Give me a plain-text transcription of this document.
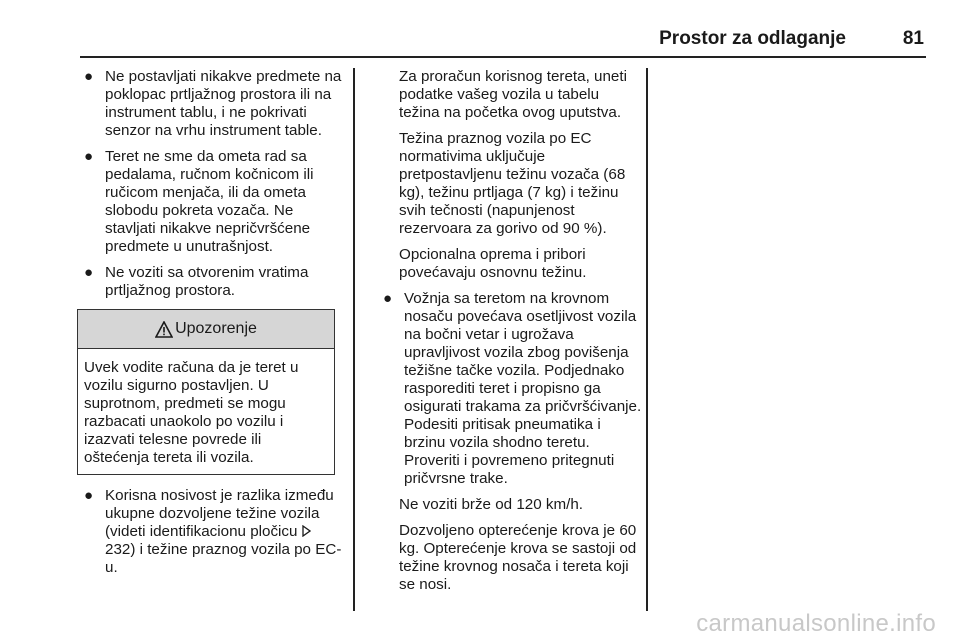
Prostor za odlaganje	81
● Ne postavljati nikakve predmete na poklopac prtljažnog prostora ili na instrument tablu, i ne pokrivati senzor na vrhu instrument table.
● Teret ne sme da ometa rad sa pedalama, ručnom kočnicom ili ručicom menjača, ili da ometa slobodu pokreta vozača. Ne stavljati nikakve nepričvršćene predmete u unutrašnjost.
● Ne voziti sa otvorenim vratima prtljažnog prostora.
Upozorenje
Uvek vodite računa da je teret u vozilu sigurno postavljen. U suprotnom, predmeti se mogu razbacati unaokolo po vozilu i izazvati telesne povrede ili oštećenja tereta ili vozila.
● Korisna nosivost je razlika između ukupne dozvoljene težine vozila (videti identifikacionu pločicu  232) i težine praznog vozila po EC-u.

Za proračun korisnog tereta, uneti podatke vašeg vozila u tabelu težina na početka ovog uputstva.

Težina praznog vozila po EC normativima uključuje pretpostavljenu težinu vozača (68 kg), težinu prtljaga (7 kg) i težinu svih tečnosti (napunjenost rezervoara za gorivo od 90 %).

Opcionalna oprema i pribori povećavaju osnovnu težinu.

● Vožnja sa teretom na krovnom nosaču povećava osetljivost vozila na bočni vetar i ugrožava upravljivost vozila zbog povišenja težišne tačke vozila. Podjednako rasporediti teret i propisno ga osigurati trakama za pričvršćivanje. Podesiti pritisak pneumatika i brzinu vozila shodno teretu. Proveriti i povremeno pritegnuti pričvrsne trake.

Ne voziti brže od 120 km/h.

Dozvoljeno opterećenje krova je 60 kg. Opterećenje krova se sastoji od težine krovnog nosača i tereta koji se nosi.

carmanualsonline.info
